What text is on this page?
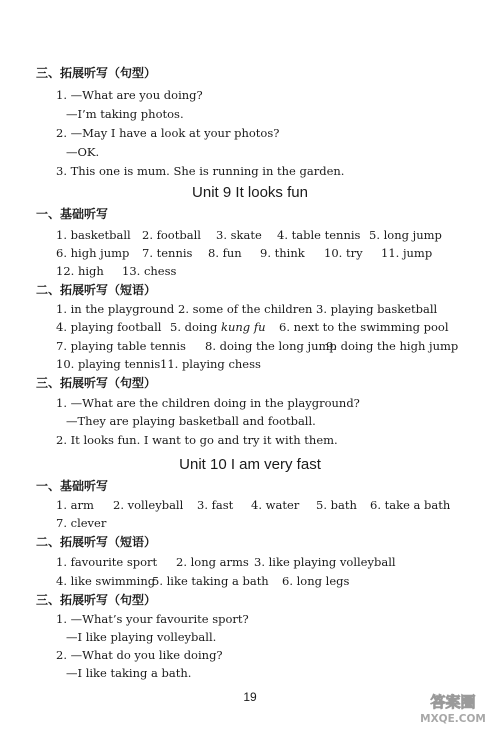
三、拓展听写（句型）
1. —What are you doing?
—I’m taking photos.
2. —May I have a look at your photos?
—OK.
3. This one is mum. She is running in the garden.
Unit 9 It looks fun
一、基础听写
1. basketball 2. football 3. skate 4. table tennis 5. long jump
6. high jump 7. tennis 8. fun 9. think 10. try 11. jump
12. high 13. chess
二、拓展听写（短语）
1. in the playground 2. some of the children 3. playing basketball
4. playing football 5. doing kung fu 6. next to the swimming pool
7. playing table tennis 8. doing the long jump
9. doing the high jump
10. playing tennis 11. playing chess
三、拓展听写（句型）
1. —What are the children doing in the playground?
—They are playing basketball and football.
2. It looks fun. I want to go and try it with them.
Unit 10 I am very fast
一、基础听写
1. arm 2. volleyball 3. fast 4. water 5. bath 6. take a bath
7. clever
二、拓展听写（短语）
1. favourite sport 2. long arms 3. like playing volleyball
4. like swimming
5. like taking a bath 6. long legs
三、拓展听写（句型）
1. —What’s your favourite sport?
—I like playing volleyball.
2. —What do you like doing?
—I like taking a bath.
19	答案圈
MXQE.COM
